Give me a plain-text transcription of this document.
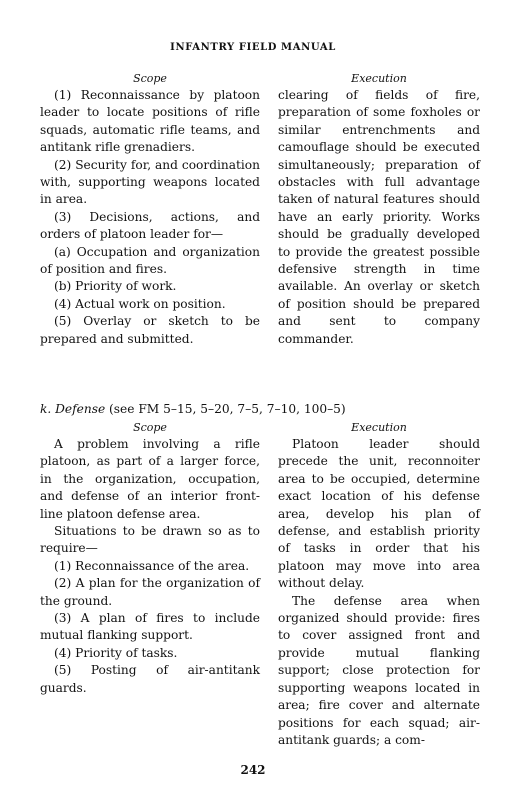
INFANTRY FIELD MANUAL
Scope
(1) Reconnaissance by platoon leader to locate positions of rifle squads, automatic rifle teams, and antitank rifle grenadiers.
(2) Security for, and coordination with, supporting weapons located in area.
(3) Decisions, actions, and orders of platoon leader for—
(a) Occupation and organization of position and fires.
(b) Priority of work.
(4) Actual work on position.
(5) Overlay or sketch to be prepared and submitted.
Execution
clearing of fields of fire, preparation of some foxholes or similar entrenchments and camouflage should be executed simultaneously; preparation of obstacles with full advantage taken of natural features should have an early priority. Works should be gradually developed to provide the greatest possible defensive strength in time available. An overlay or sketch of position should be prepared and sent to company commander.
k. Defense (see FM 5–15, 5–20, 7–5, 7–10, 100–5)
Scope
A problem involving a rifle platoon, as part of a larger force, in the organization, occupation, and defense of an interior front-line platoon defense area.
Situations to be drawn so as to require—
(1) Reconnaissance of the area.
(2) A plan for the organization of the ground.
(3) A plan of fires to include mutual flanking support.
(4) Priority of tasks.
(5) Posting of air-antitank guards.
Execution
Platoon leader should precede the unit, reconnoiter area to be occupied, determine exact location of his defense area, develop his plan of defense, and establish priority of tasks in order that his platoon may move into area without delay.
The defense area when organized should provide: fires to cover assigned front and provide mutual flanking support; close protection for supporting weapons located in area; fire cover and alternate positions for each squad; air-antitank guards; a com-
242
